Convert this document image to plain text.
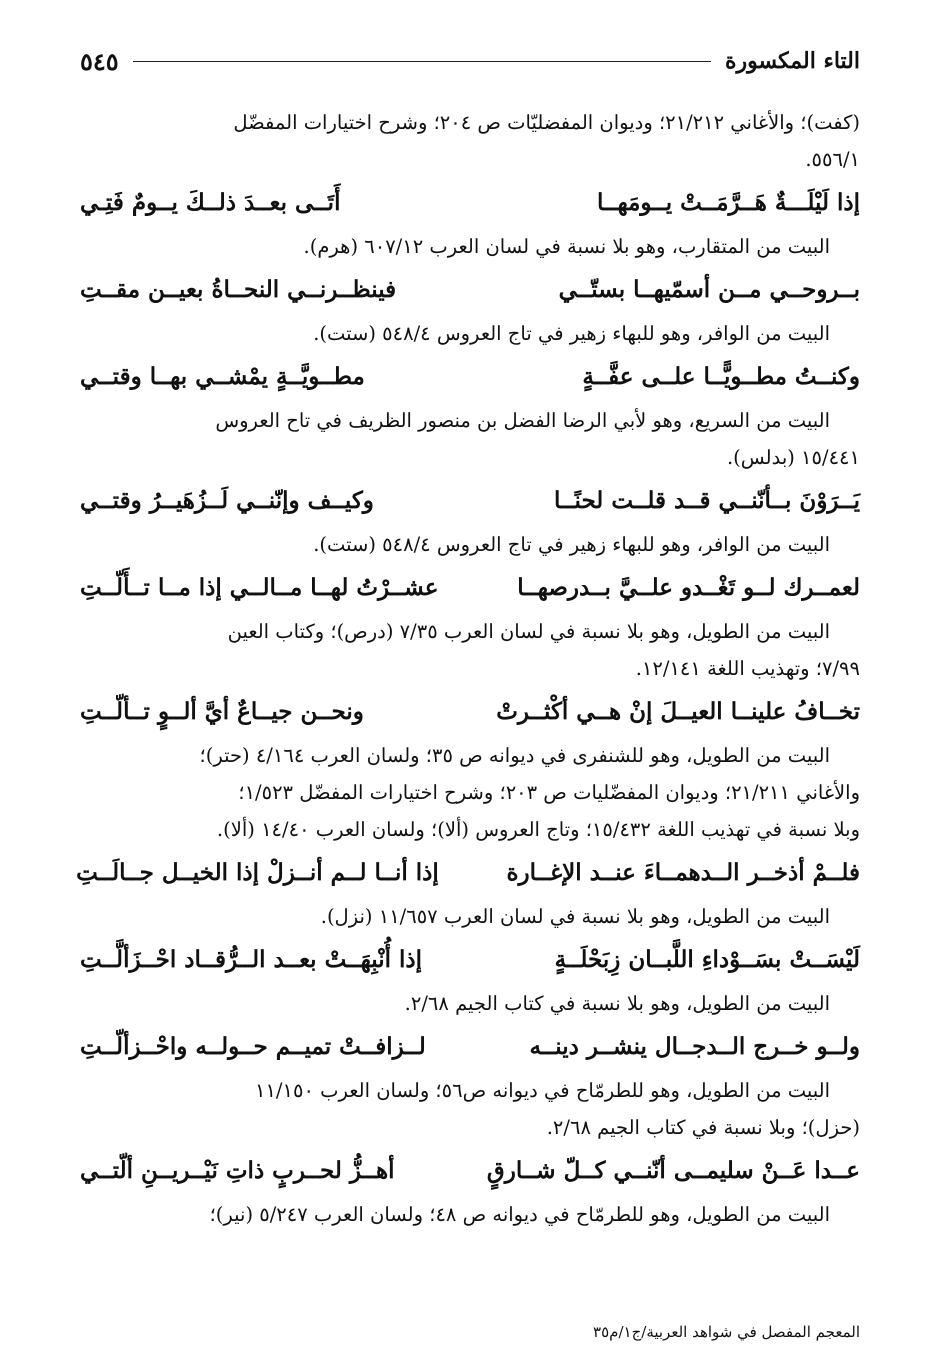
التاء المكسورة
٥٤٥
(كفت)؛ والأغاني ٢١/٢١٢؛ وديوان المفضليّات ص ٢٠٤؛ وشرح اختيارات المفضّل
٥٥٦/١.
إذا لَيْلَـــةٌ هَــرَّمَــتْ يــومَهــا
أَتَــى بعــدَ ذلــكَ يــومٌ فَتِـي
البيت من المتقارب، وهو بلا نسبة في لسان العرب ٦٠٧/١٢ (هرم).
بــروحــي مــن أسمّيهــا بستّــي
فينظــرنــي النحــاةُ بعيــن مقــتِ
البيت من الوافر، وهو للبهاء زهير في تاج العروس ٥٤٨/٤ (ستت).
وكنــتُ مطــويًّــا علــى عفَّــةٍ
مطــويَّــةٍ يمْشــي بهــا وقتــي
البيت من السريع، وهو لأبي الرضا الفضل بن منصور الظريف في تاح العروس
١٥/٤٤١ (بدلس).
يَــرَوْنَ بــأنّنــي قــد قلــت لحنًــا
وكيــف وإنّنــي لَــزُهَيــرُ وقتــي
البيت من الوافر، وهو للبهاء زهير في تاج العروس ٥٤٨/٤ (ستت).
لعمــرك لــو تَغْــدو علــيَّ بــدرصهــا
عشــرْتُ لهــا مــالــي إذا مــا تــأَلّــتِ
البيت من الطويل، وهو بلا نسبة في لسان العرب ٧/٣٥ (درص)؛ وكتاب العين
٧/٩٩؛ وتهذيب اللغة ١٢/١٤١.
تخــافُ علينــا العيــلَ إنْ هــي أكْثــرتْ
ونحــن جيــاعٌ أيَّ ألــوٍ تــألّــتِ
البيت من الطويل، وهو للشنفرى في ديوانه ص ٣٥؛ ولسان العرب ٤/١٦٤ (حتر)؛
والأغاني ٢١/٢١١؛ وديوان المفضّليات ص ٢٠٣؛ وشرح اختيارات المفضّل ١/٥٢٣؛
وبلا نسبة في تهذيب اللغة ١٥/٤٣٢؛ وتاج العروس (ألا)؛ ولسان العرب ١٤/٤٠ (ألا).
فلــمْ أذخــر الــدهمــاءَ عنــد الإغــارة
إذا أنــا لــم أنــزلْ إذا الخيــل جــالَــتِ
البيت من الطويل، وهو بلا نسبة في لسان العرب ١١/٦٥٧ (نزل).
لَيْسَــتْ بسَــوْداءِ اللَّبــان زِبَحْلَــةٍ
إذا أُنْبِهَــتْ بعــد الــرُّقــاد احْــزَألَّــتِ
البيت من الطويل، وهو بلا نسبة في كتاب الجيم ٢/٦٨.
ولــو خــرج الــدجــال ينشــر دينــه
لــزافــتْ تميــم حــولــه واحْــزألّــتِ
البيت من الطويل، وهو للطرمّاح في ديوانه ص٥٦؛ ولسان العرب ١١/١٥٠
(حزل)؛ وبلا نسبة في كتاب الجيم ٢/٦٨.
عــدا عَــنْ سليمــى أنّنــي كــلّ شــارقٍ
أهــزُّ لحــربٍ ذاتِ نَيْــريــنِ ألّتــي
البيت من الطويل، وهو للطرمّاح في ديوانه ص ٤٨؛ ولسان العرب ٥/٢٤٧ (نير)؛
المعجم المفصل في شواهد العربية/ج١/م٣٥
